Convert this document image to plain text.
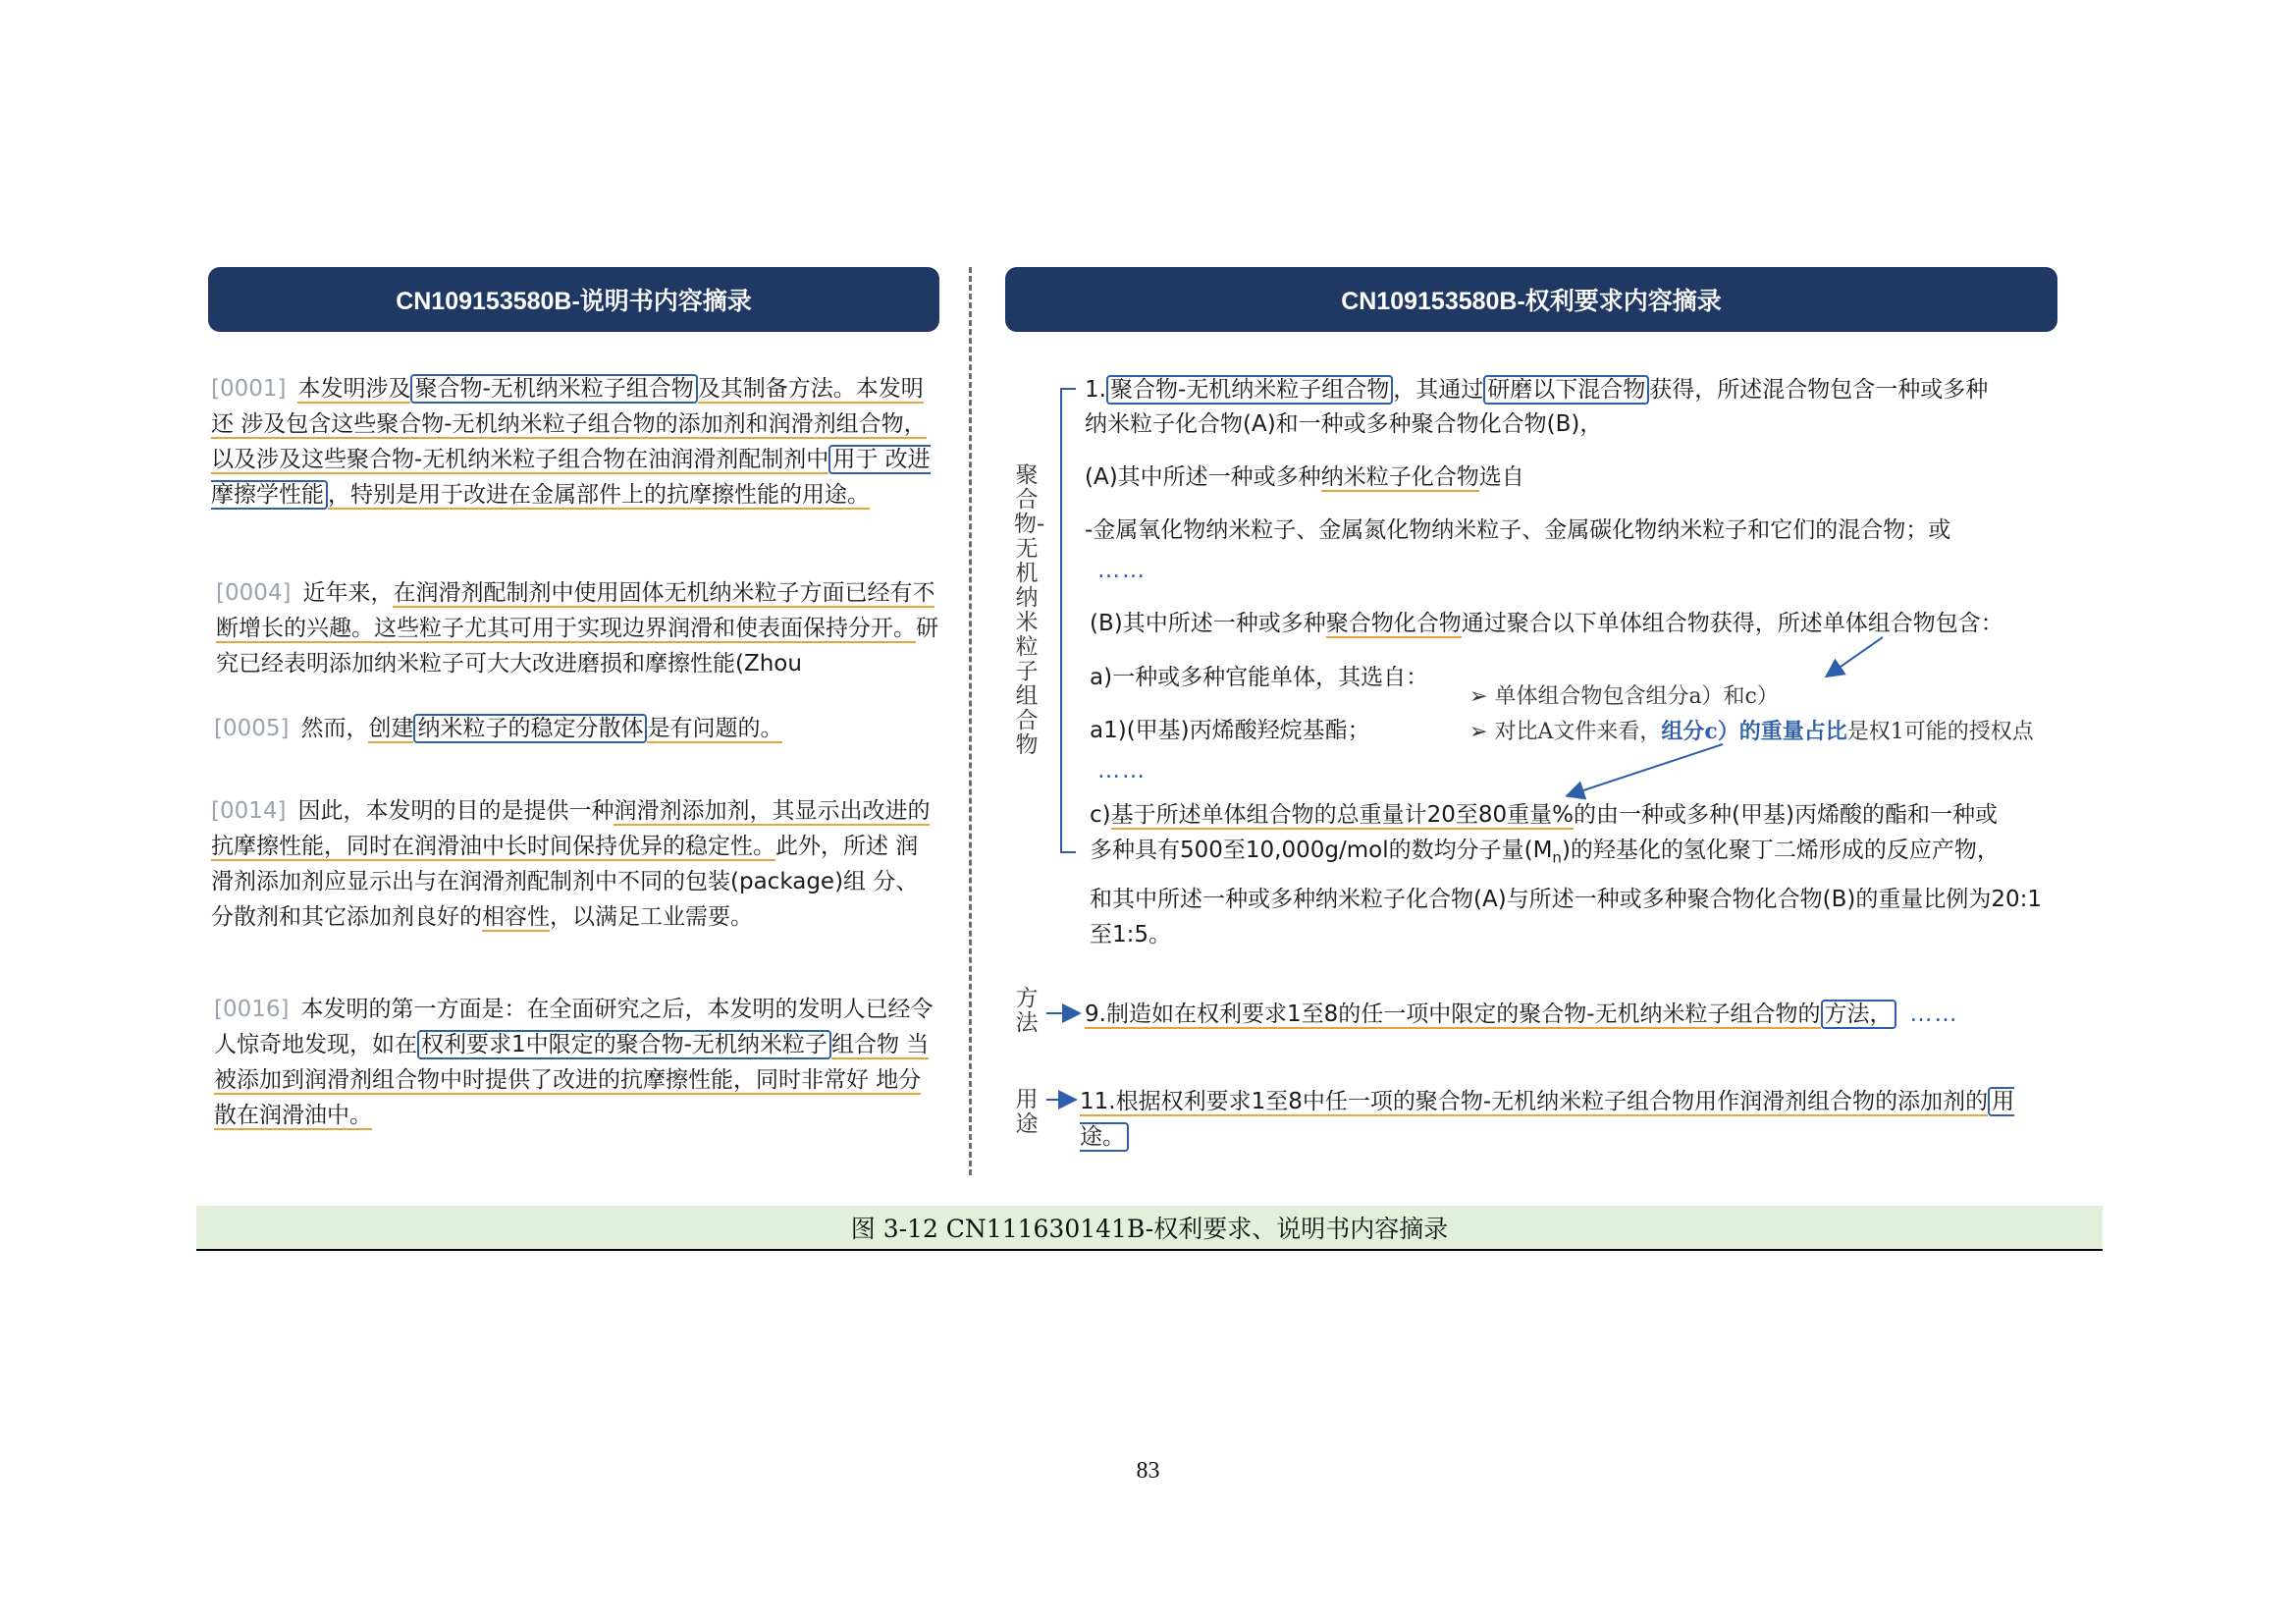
CN109153580B-说明书内容摘录	CN109153580B-权利要求内容摘录
[0001] 本发明涉及 聚合物-无机纳米粒子组合物 及其制备方法。本发明还 涉及包含这些聚合物-无机纳米粒子组合物的添加剂和润滑剂组合物， 以及涉及这些聚合物-无机纳米粒子组合物在油润滑剂配制剂中 用于 改进摩擦学性能 ，特别是用于改进在金属部件上的抗摩擦性能的用途。
[0004] 近年来，在润滑剂配制剂中使用固体无机纳米粒子方面已经有不 断增长的兴趣。这些粒子尤其可用于实现边界润滑和使表面保持分开。研究已经表明添加纳米粒子可大大改进磨损和摩擦性能(Zhou
[0005] 然而，创建 纳米粒子的稳定分散体 是有问题的。
[0014] 因此，本发明的目的是提供一种润滑剂添加剂，其显示出改进的 抗摩擦性能，同时在润滑油中长时间保持优异的稳定性。此外，所述 润滑剂添加剂应显示出与在润滑剂配制剂中不同的包装(package)组 分、分散剂和其它添加剂良好的相容性，以满足工业需要。
[0016] 本发明的第一方面是：在全面研究之后，本发明的发明人已经令 人惊奇地发现，如在 权利要求1中限定的聚合物-无机纳米粒子 组合物 当被添加到润滑剂组合物中时提供了改进的抗摩擦性能，同时非常好 地分散在润滑油中。
聚合物-无机纳米粒子组合物
方法
用途
1. 聚合物-无机纳米粒子组合物 ，其通过 研磨以下混合物 获得，所述混合物包含一种或多种
纳米粒子化合物(A)和一种或多种聚合物化合物(B)，
(A)其中所述一种或多种纳米粒子化合物选自
-金属氧化物纳米粒子、金属氮化物纳米粒子、金属碳化物纳米粒子和它们的混合物；或
……
(B)其中所述一种或多种聚合物化合物通过聚合以下单体组合物获得，所述单体组合物包含：
a)一种或多种官能单体，其选自：
a1)(甲基)丙烯酸羟烷基酯；
……
c)基于所述单体组合物的总重量计20至80重量%的由一种或多种(甲基)丙烯酸的酯和一种或
多种具有500至10,000g/mol的数均分子量$(M_n)$的羟基化的氢化聚丁二烯形成的反应产物，
和其中所述一种或多种纳米粒子化合物(A)与所述一种或多种聚合物化合物(B)的重量比例为20:1至1:5。
➢ 单体组合物包含组分a）和c）
➢ 对比A文件来看，组分c）的重量占比是权1可能的授权点
9.制造如在权利要求1至8的任一项中限定的聚合物-无机纳米粒子组合物的 方法， ……
11.根据权利要求1至8中任一项的聚合物-无机纳米粒子组合物用作润滑剂组合物的添加剂的 用途。
图 3-12 CN111630141B-权利要求、说明书内容摘录
83
